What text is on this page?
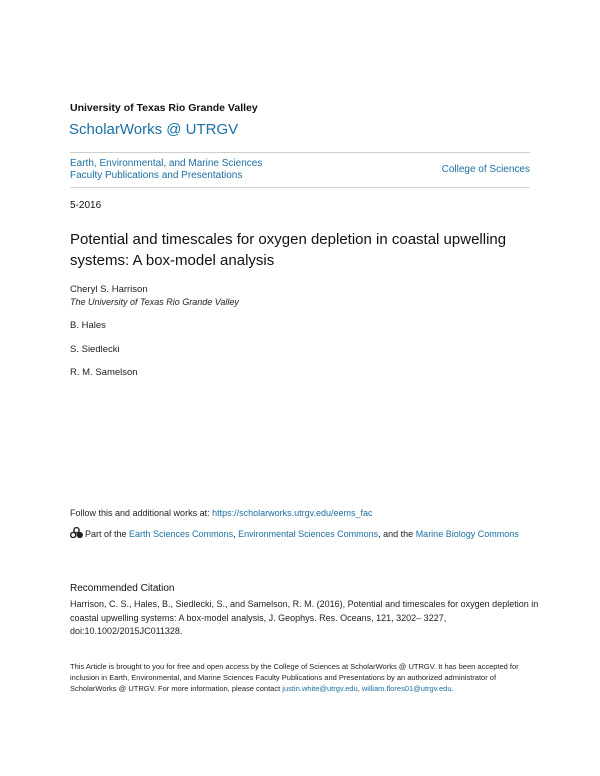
University of Texas Rio Grande Valley
ScholarWorks @ UTRGV
Earth, Environmental, and Marine Sciences
Faculty Publications and Presentations
College of Sciences
5-2016
Potential and timescales for oxygen depletion in coastal upwelling systems: A box-model analysis
Cheryl S. Harrison
The University of Texas Rio Grande Valley
B. Hales
S. Siedlecki
R. M. Samelson
Follow this and additional works at: https://scholarworks.utrgv.edu/eems_fac
Part of the Earth Sciences Commons, Environmental Sciences Commons, and the Marine Biology Commons
Recommended Citation
Harrison, C. S., Hales, B., Siedlecki, S., and Samelson, R. M. (2016), Potential and timescales for oxygen depletion in coastal upwelling systems: A box-model analysis, J. Geophys. Res. Oceans, 121, 3202– 3227, doi:10.1002/2015JC011328.
This Article is brought to you for free and open access by the College of Sciences at ScholarWorks @ UTRGV. It has been accepted for inclusion in Earth, Environmental, and Marine Sciences Faculty Publications and Presentations by an authorized administrator of ScholarWorks @ UTRGV. For more information, please contact justin.white@utrgv.edu, william.flores01@utrgv.edu.
